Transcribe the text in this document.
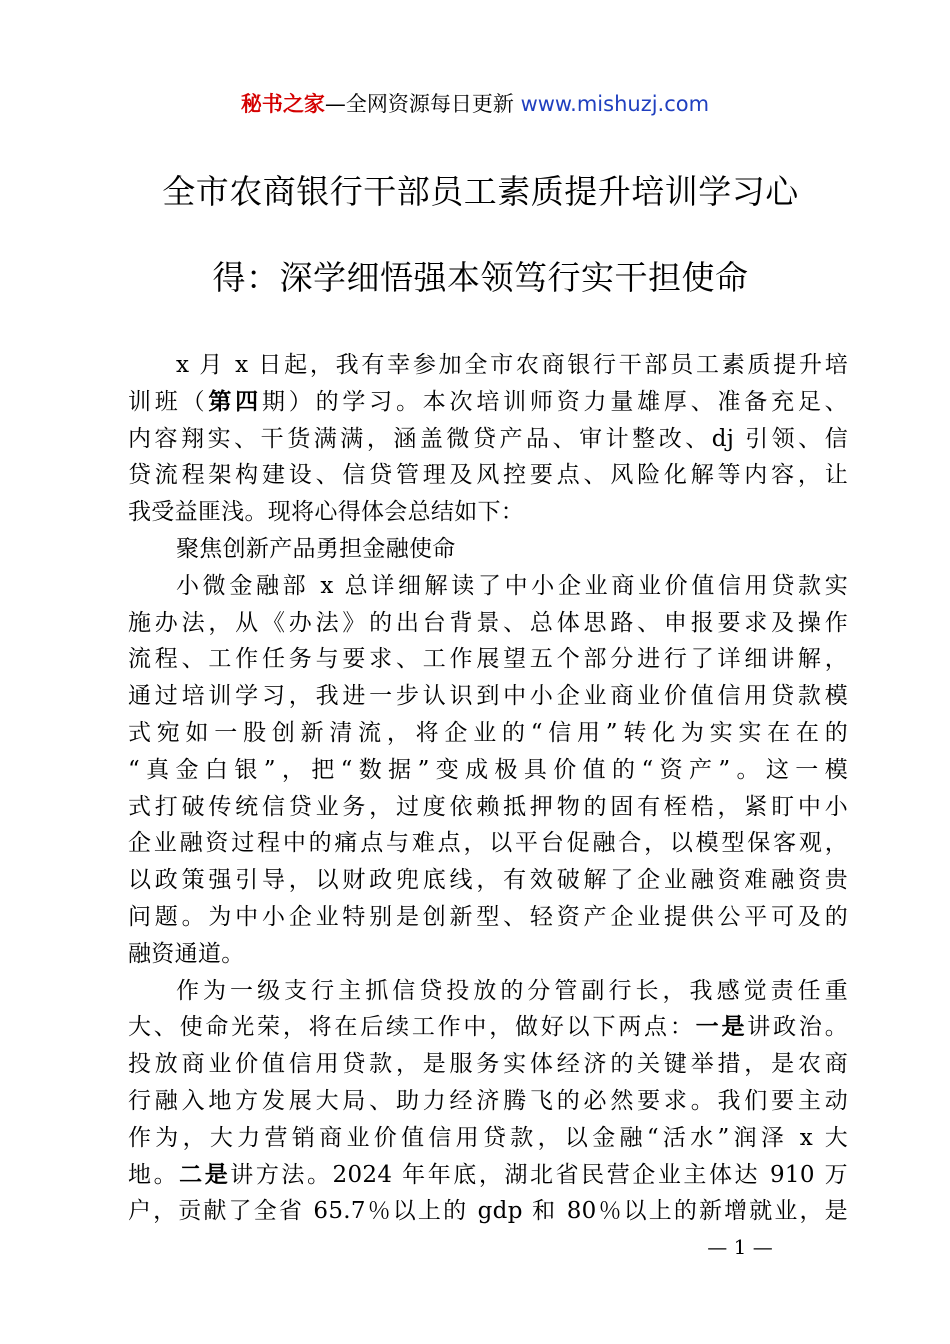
秘书之家—全网资源每日更新 www.mishuzj.com
全市农商银行干部员工素质提升培训学习心
得：深学细悟强本领笃行实干担使命
x 月 x 日起，我有幸参加全市农商银行干部员工素质提升培
训班（第四期）的学习。本次培训师资力量雄厚、准备充足、
内容翔实、干货满满，涵盖微贷产品、审计整改、dj 引领、信
贷流程架构建设、信贷管理及风控要点、风险化解等内容，让
我受益匪浅。现将心得体会总结如下：
聚焦创新产品勇担金融使命
小微金融部 x 总详细解读了中小企业商业价值信用贷款实
施办法，从《办法》的出台背景、总体思路、申报要求及操作
流程、工作任务与要求、工作展望五个部分进行了详细讲解，
通过培训学习，我进一步认识到中小企业商业价值信用贷款模
式宛如一股创新清流，将企业的“信用”转化为实实在在的
“真金白银”，把“数据”变成极具价值的“资产”。这一模
式打破传统信贷业务，过度依赖抵押物的固有桎梏，紧盯中小
企业融资过程中的痛点与难点，以平台促融合，以模型保客观，
以政策强引导，以财政兜底线，有效破解了企业融资难融资贵
问题。为中小企业特别是创新型、轻资产企业提供公平可及的
融资通道。
作为一级支行主抓信贷投放的分管副行长，我感觉责任重
大、使命光荣，将在后续工作中，做好以下两点：一是讲政治。
投放商业价值信用贷款，是服务实体经济的关键举措，是农商
行融入地方发展大局、助力经济腾飞的必然要求。我们要主动
作为，大力营销商业价值信用贷款，以金融“活水”润泽 x 大
地。二是讲方法。2024 年年底，湖北省民营企业主体达 910 万
户，贡献了全省 65.7％以上的 gdp 和 80％以上的新增就业，是
— 1 —
